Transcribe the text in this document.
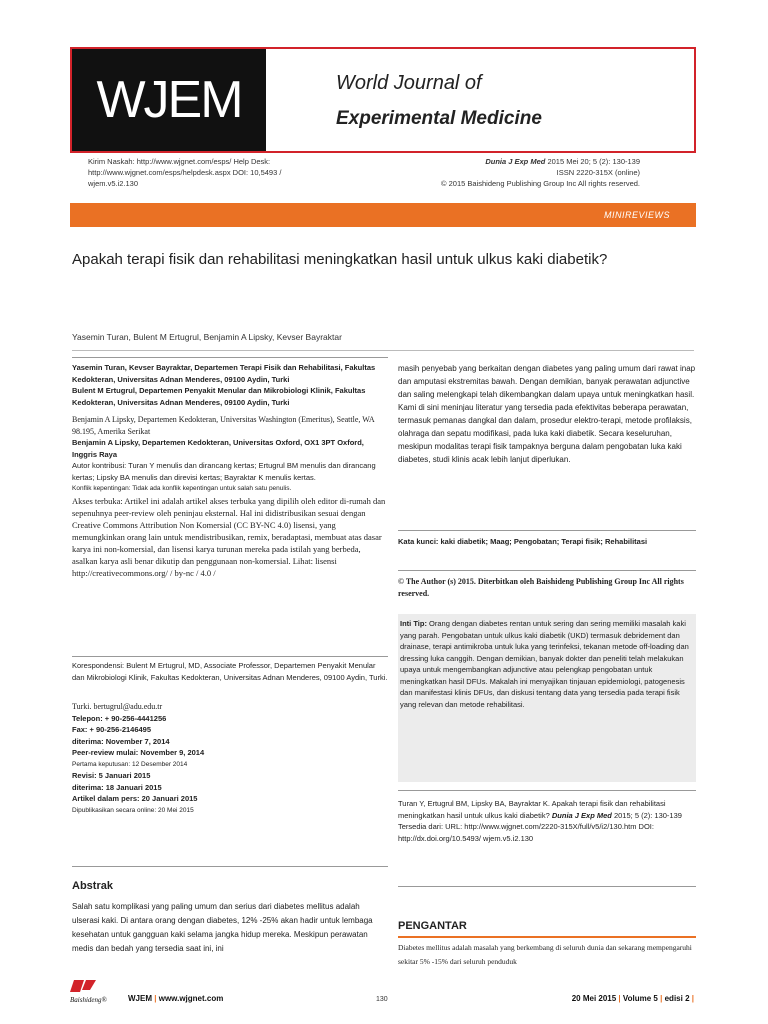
WJEM	World Journal of
Experimental Medicine
Kirim Naskah: http://www.wjgnet.com/esps/ Help Desk:
http://www.wjgnet.com/esps/helpdesk.aspx DOI: 10,5493 /
wjem.v5.i2.130
Dunia J Exp Med 2015 Mei 20; 5 (2): 130-139
ISSN 2220-315X (online)
© 2015 Baishideng Publishing Group Inc All rights reserved.
MINIREVIEWS
Apakah terapi fisik dan rehabilitasi meningkatkan hasil untuk ulkus kaki diabetik?
Yasemin Turan, Bulent M Ertugrul, Benjamin A Lipsky, Kevser Bayraktar
Yasemin Turan, Kevser Bayraktar, Departemen Terapi Fisik dan Rehabilitasi, Fakultas Kedokteran, Universitas Adnan Menderes, 09100 Aydin, Turki
Bulent M Ertugrul, Departemen Penyakit Menular dan Mikrobiologi Klinik, Fakultas Kedokteran, Universitas Adnan Menderes, 09100 Aydin, Turki
Benjamin A Lipsky, Departemen Kedokteran, Universitas Washington (Emeritus), Seattle, WA 98.195, Amerika Serikat
Benjamin A Lipsky, Departemen Kedokteran, Universitas Oxford, OX1 3PT Oxford, Inggris Raya
Autor kontribusi: Turan Y menulis dan dirancang kertas; Ertugrul BM menulis dan dirancang kertas; Lipsky BA menulis dan direvisi kertas; Bayraktar K menulis kertas.
Konflik kepentingan: Tidak ada konflik kepentingan untuk salah satu penulis.
Akses terbuka: Artikel ini adalah artikel akses terbuka yang dipilih oleh editor di-rumah dan sepenuhnya peer-review oleh peninjau eksternal. Hal ini didistribusikan sesuai dengan Creative Commons Attribution Non Komersial (CC BY-NC 4.0) lisensi, yang memungkinkan orang lain untuk mendistribusikan, remix, beradaptasi, membuat atas dasar karya ini non-komersial, dan lisensi karya turunan mereka pada istilah yang berbeda, asalkan karya asli benar dikutip dan penggunaan non-komersial. Lihat: lisensi http://creativecommons.org/ / by-nc / 4.0 /
Korespondensi: Bulent M Ertugrul, MD, Associate Professor, Departemen Penyakit Menular dan Mikrobiologi Klinik, Fakultas Kedokteran, Universitas Adnan Menderes, 09100 Aydin, Turki.
Turki. bertugrul@adu.edu.tr
Telepon: + 90-256-4441256
Fax: + 90-256-2146495
diterima: November 7, 2014
Peer-review mulai: November 9, 2014
Pertama keputusan: 12 Desember 2014
Revisi: 5 Januari 2015
diterima: 18 Januari 2015
Artikel dalam pers: 20 Januari 2015
Dipublikasikan secara online: 20 Mei 2015
Abstrak
Salah satu komplikasi yang paling umum dan serius dari diabetes mellitus adalah ulserasi kaki. Di antara orang dengan diabetes, 12% -25% akan hadir untuk lembaga kesehatan untuk gangguan kaki selama jangka hidup mereka. Meskipun perawatan medis dan bedah yang tersedia saat ini, ini
masih penyebab yang berkaitan dengan diabetes yang paling umum dari rawat inap dan amputasi ekstremitas bawah. Dengan demikian, banyak perawatan adjunctive dan saling melengkapi telah dikembangkan dalam upaya untuk meningkatkan hasil. Kami di sini meninjau literatur yang tersedia pada efektivitas beberapa perawatan, termasuk pemanas dangkal dan dalam, prosedur elektro-terapi, metode profilaksis, olahraga dan sepatu modifikasi, pada luka kaki diabetik. Secara keseluruhan, meskipun modalitas terapi fisik tampaknya berguna dalam pengobatan luka kaki diabetes, studi klinis acak lebih lanjut diperlukan.
Kata kunci: kaki diabetik; Maag; Pengobatan; Terapi fisik; Rehabilitasi
© The Author (s) 2015. Diterbitkan oleh Baishideng Publishing Group Inc All rights reserved.
Inti Tip: Orang dengan diabetes rentan untuk sering dan sering memiliki masalah kaki yang parah. Pengobatan untuk ulkus kaki diabetik (UKD) termasuk debridement dan drainase, terapi antimikroba untuk luka yang terinfeksi, tekanan metode off-loading dan dressing luka canggih. Dengan demikian, banyak dokter dan peneliti telah melakukan upaya untuk mengembangkan adjunctive atau pelengkap pengobatan untuk meningkatkan hasil DFUs. Makalah ini menyajikan tinjauan epidemiologi, patogenesis dan manifestasi klinis DFUs, dan diskusi tentang data yang tersedia pada terapi fisik yang relevan dan metode rehabilitasi.
Turan Y, Ertugrul BM, Lipsky BA, Bayraktar K. Apakah terapi fisik dan rehabilitasi meningkatkan hasil untuk ulkus kaki diabetik? Dunia J Exp Med 2015; 5 (2): 130-139 Tersedia dari: URL: http://www.wjgnet.com/2220-315X/full/v5/i2/130.htm DOI: http://dx.doi.org/10.5493/ wjem.v5.i2.130
PENGANTAR
Diabetes mellitus adalah masalah yang berkembang di seluruh dunia dan sekarang mempengaruhi sekitar 5% -15% dari seluruh penduduk
Baishideng®	WJEM | www.wjgnet.com	130	20 Mei 2015 | Volume 5 | edisi 2 |
